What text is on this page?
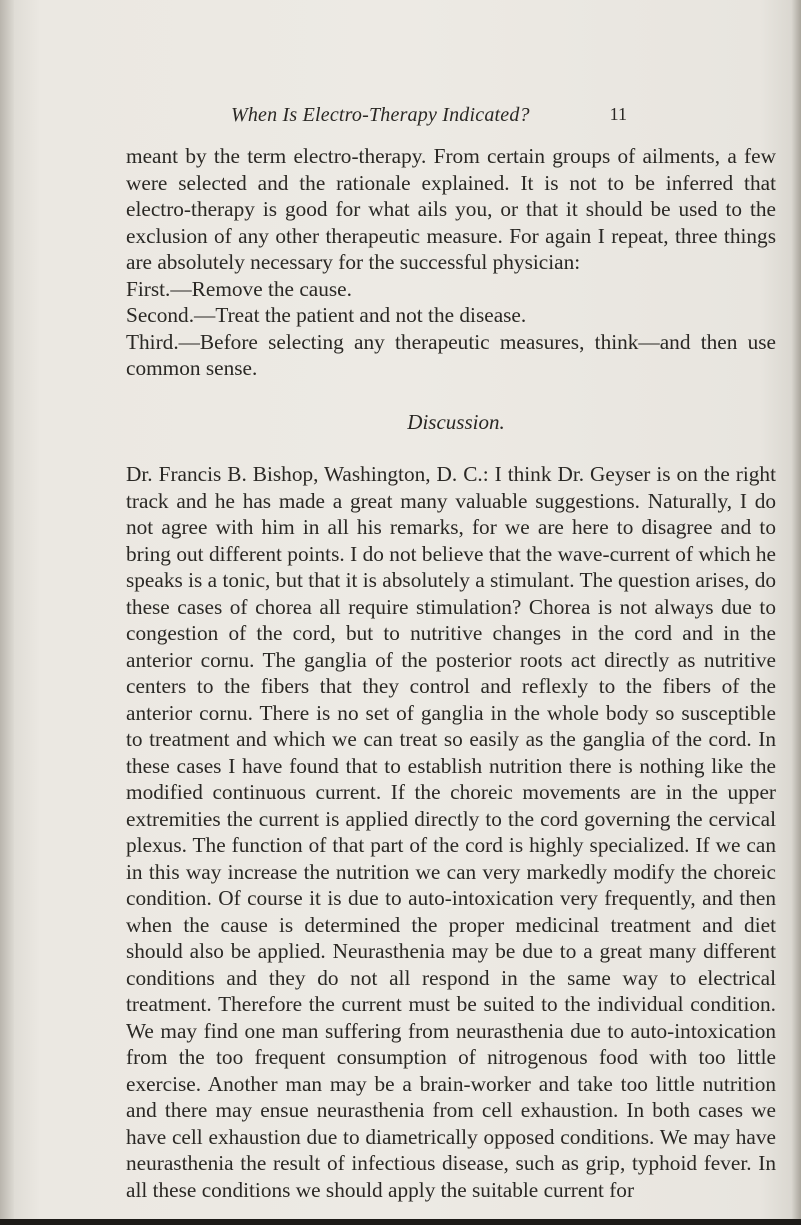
When Is Electro-Therapy Indicated?	11

meant by the term electro-therapy. From certain groups of ailments, a few were selected and the rationale explained. It is not to be inferred that electro-therapy is good for what ails you, or that it should be used to the exclusion of any other therapeutic measure. For again I repeat, three things are absolutely necessary for the successful physician:

First.—Remove the cause.

Second.—Treat the patient and not the disease.

Third.—Before selecting any therapeutic measures, think—and then use common sense.

Discussion.

Dr. Francis B. Bishop, Washington, D. C.: I think Dr. Geyser is on the right track and he has made a great many valuable suggestions. Naturally, I do not agree with him in all his remarks, for we are here to disagree and to bring out different points. I do not believe that the wave-current of which he speaks is a tonic, but that it is absolutely a stimulant. The question arises, do these cases of chorea all require stimulation? Chorea is not always due to congestion of the cord, but to nutritive changes in the cord and in the anterior cornu. The ganglia of the posterior roots act directly as nutritive centers to the fibers that they control and reflexly to the fibers of the anterior cornu. There is no set of ganglia in the whole body so susceptible to treatment and which we can treat so easily as the ganglia of the cord. In these cases I have found that to establish nutrition there is nothing like the modified continuous current. If the choreic movements are in the upper extremities the current is applied directly to the cord governing the cervical plexus. The function of that part of the cord is highly specialized. If we can in this way increase the nutrition we can very markedly modify the choreic condition. Of course it is due to auto-intoxication very frequently, and then when the cause is determined the proper medicinal treatment and diet should also be applied. Neurasthenia may be due to a great many different conditions and they do not all respond in the same way to electrical treatment. Therefore the current must be suited to the individual condition. We may find one man suffering from neurasthenia due to auto-intoxication from the too frequent consumption of nitrogenous food with too little exercise. Another man may be a brain-worker and take too little nutrition and there may ensue neurasthenia from cell exhaustion. In both cases we have cell exhaustion due to diametrically opposed conditions. We may have neurasthenia the result of infectious disease, such as grip, typhoid fever. In all these conditions we should apply the suitable current for
